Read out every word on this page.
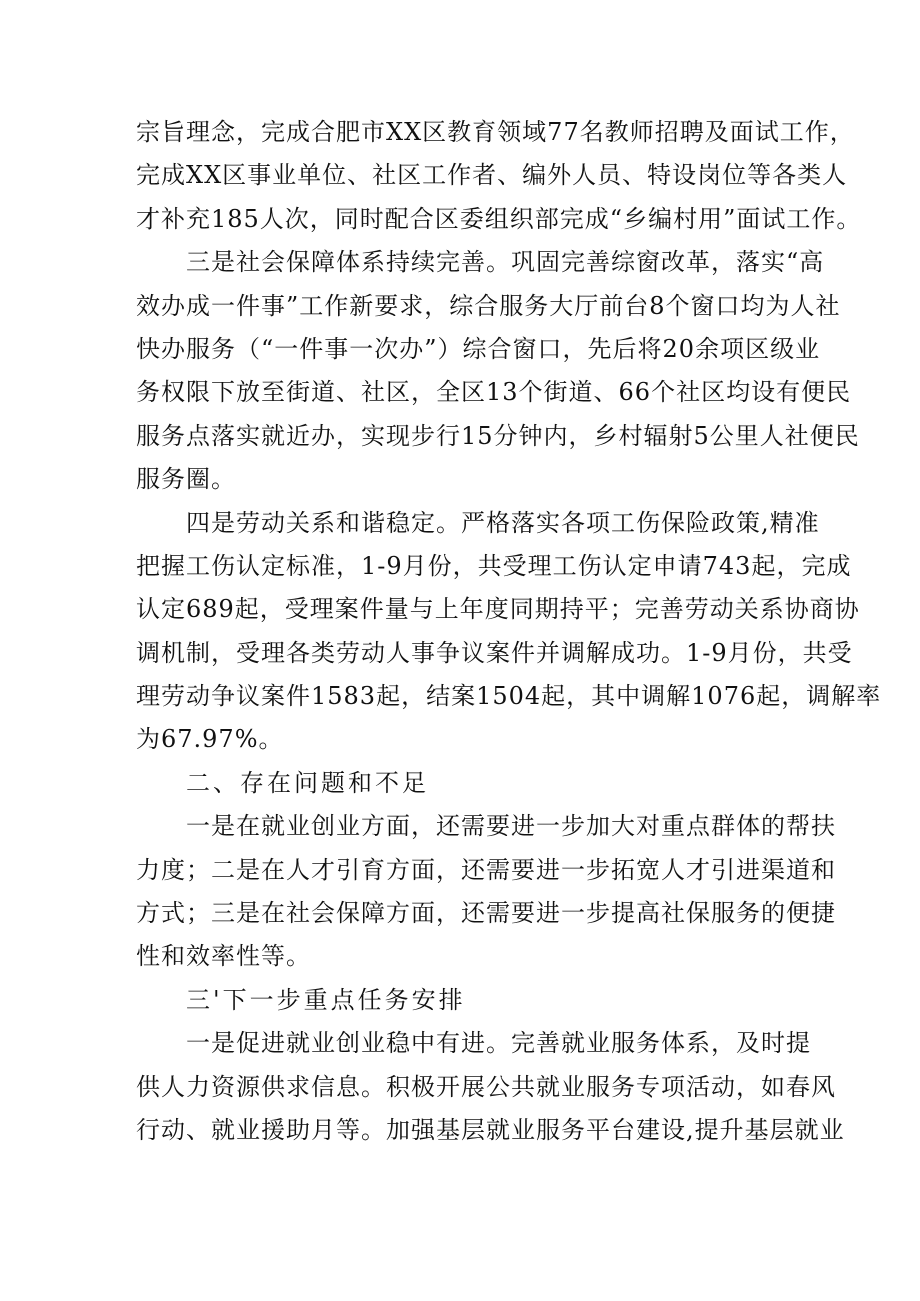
宗旨理念，完成合肥市XX区教育领域77名教师招聘及面试工作，
完成XX区事业单位、社区工作者、编外人员、特设岗位等各类人
才补充185人次，同时配合区委组织部完成“乡编村用”面试工作。
三是社会保障体系持续完善。巩固完善综窗改革，落实“高
效办成一件事”工作新要求，综合服务大厅前台8个窗口均为人社
快办服务（“一件事一次办”）综合窗口，先后将20余项区级业
务权限下放至街道、社区，全区13个街道、66个社区均设有便民
服务点落实就近办，实现步行15分钟内，乡村辐射5公里人社便民
服务圈。
四是劳动关系和谐稳定。严格落实各项工伤保险政策,精准
把握工伤认定标准，1-9月份，共受理工伤认定申请743起，完成
认定689起，受理案件量与上年度同期持平；完善劳动关系协商协
调机制，受理各类劳动人事争议案件并调解成功。1-9月份，共受
理劳动争议案件1583起，结案1504起，其中调解1076起，调解率
为67.97%。
二、存在问题和不足
一是在就业创业方面，还需要进一步加大对重点群体的帮扶
力度；二是在人才引育方面，还需要进一步拓宽人才引进渠道和
方式；三是在社会保障方面，还需要进一步提高社保服务的便捷
性和效率性等。
三'下一步重点任务安排
一是促进就业创业稳中有进。完善就业服务体系，及时提
供人力资源供求信息。积极开展公共就业服务专项活动，如春风
行动、就业援助月等。加强基层就业服务平台建设,提升基层就业
